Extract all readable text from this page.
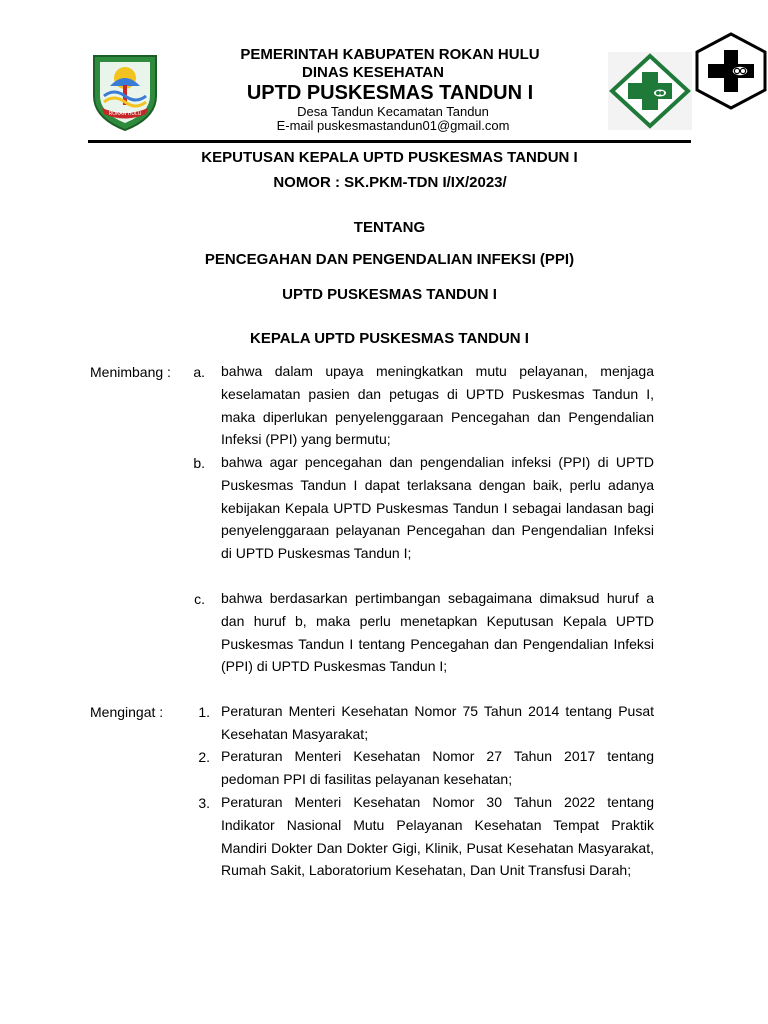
ROKAN HULU
PEMERINTAH KABUPATEN ROKAN HULU
DINAS KESEHATAN
UPTD PUSKESMAS TANDUN I
Desa Tandun Kecamatan Tandun
E-mail puskesmastandun01@gmail.com
KEPUTUSAN KEPALA UPTD PUSKESMAS TANDUN I
NOMOR : SK.PKM-TDN I/IX/2023/
TENTANG
PENCEGAHAN DAN PENGENDALIAN INFEKSI (PPI)
UPTD PUSKESMAS TANDUN I
KEPALA UPTD PUSKESMAS TANDUN I
Menimbang :	a. bahwa dalam upaya meningkatkan mutu pelayanan, menjaga keselamatan pasien dan petugas di UPTD Puskesmas Tandun I, maka diperlukan penyelenggaraan Pencegahan dan Pengendalian Infeksi (PPI) yang bermutu;
b. bahwa agar pencegahan dan pengendalian infeksi (PPI) di UPTD Puskesmas Tandun I dapat terlaksana dengan baik, perlu adanya kebijakan Kepala UPTD Puskesmas Tandun I sebagai landasan bagi penyelenggaraan pelayanan Pencegahan dan Pengendalian Infeksi di UPTD Puskesmas Tandun I;
c. bahwa berdasarkan pertimbangan sebagaimana dimaksud huruf a dan huruf b, maka perlu menetapkan Keputusan Kepala UPTD Puskesmas Tandun I tentang Pencegahan dan Pengendalian Infeksi (PPI) di UPTD Puskesmas Tandun I;
Mengingat :	1. Peraturan Menteri Kesehatan Nomor 75 Tahun 2014 tentang Pusat Kesehatan Masyarakat;
2. Peraturan Menteri Kesehatan Nomor 27 Tahun 2017 tentang pedoman PPI di fasilitas pelayanan kesehatan;
3. Peraturan Menteri Kesehatan Nomor 30 Tahun 2022 tentang Indikator Nasional Mutu Pelayanan Kesehatan Tempat Praktik Mandiri Dokter Dan Dokter Gigi, Klinik, Pusat Kesehatan Masyarakat, Rumah Sakit, Laboratorium Kesehatan, Dan Unit Transfusi Darah;
